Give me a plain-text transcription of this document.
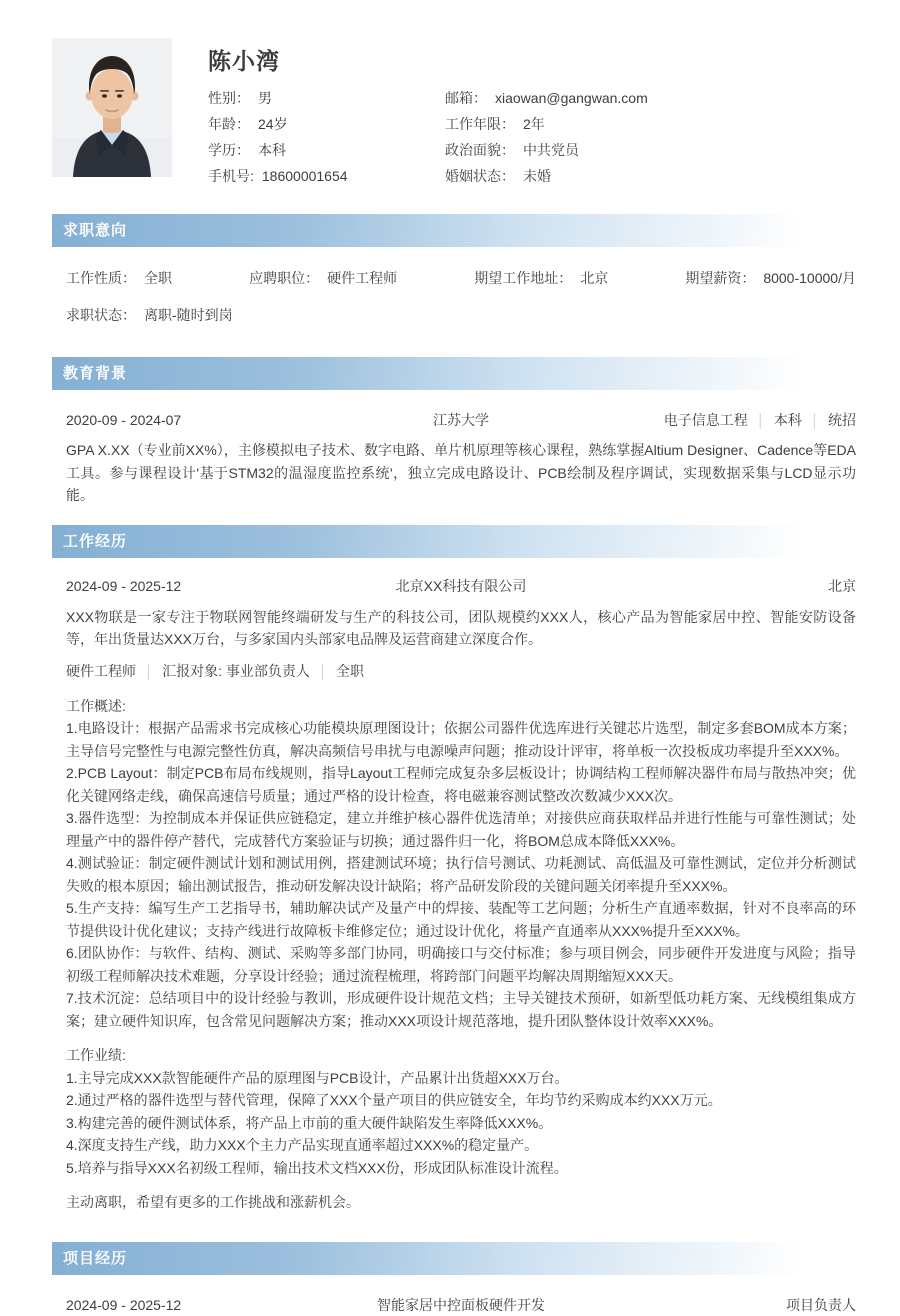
陈小湾
性别： 男	邮箱： xiaowan@gangwan.com
年龄： 24岁	工作年限： 2年
学历： 本科	政治面貌： 中共党员
手机号: 18600001654	婚姻状态： 未婚
求职意向
工作性质： 全职	应聘职位： 硬件工程师	期望工作地址： 北京	期望薪资： 8000-10000/月
求职状态： 离职-随时到岗
教育背景
2020-09 - 2024-07	江苏大学	电子信息工程 │ 本科 │ 统招
GPA X.XX（专业前XX%），主修模拟电子技术、数字电路、单片机原理等核心课程，熟练掌握Altium Designer、Cadence等EDA工具。参与课程设计'基于STM32的温湿度监控系统'，独立完成电路设计、PCB绘制及程序调试，实现数据采集与LCD显示功能。
工作经历
2024-09 - 2025-12	北京XX科技有限公司	北京
XXX物联是一家专注于物联网智能终端研发与生产的科技公司，团队规模约XXX人，核心产品为智能家居中控、智能安防设备等，年出货量达XXX万台，与多家国内头部家电品牌及运营商建立深度合作。
硬件工程师 │ 汇报对象: 事业部负责人 │ 全职
工作概述:
1.电路设计：根据产品需求书完成核心功能模块原理图设计；依据公司器件优选库进行关键芯片选型，制定多套BOM成本方案；主导信号完整性与电源完整性仿真，解决高频信号串扰与电源噪声问题；推动设计评审，将单板一次投板成功率提升至XXX%。
2.PCB Layout：制定PCB布局布线规则，指导Layout工程师完成复杂多层板设计；协调结构工程师解决器件布局与散热冲突；优化关键网络走线，确保高速信号质量；通过严格的设计检查，将电磁兼容测试整改次数减少XXX次。
3.器件选型：为控制成本并保证供应链稳定，建立并维护核心器件优选清单；对接供应商获取样品并进行性能与可靠性测试；处理量产中的器件停产替代，完成替代方案验证与切换；通过器件归一化，将BOM总成本降低XXX%。
4.测试验证：制定硬件测试计划和测试用例，搭建测试环境；执行信号测试、功耗测试、高低温及可靠性测试，定位并分析测试失败的根本原因；输出测试报告，推动研发解决设计缺陷；将产品研发阶段的关键问题关闭率提升至XXX%。
5.生产支持：编写生产工艺指导书，辅助解决试产及量产中的焊接、装配等工艺问题；分析生产直通率数据，针对不良率高的环节提供设计优化建议；支持产线进行故障板卡维修定位；通过设计优化，将量产直通率从XXX%提升至XXX%。
6.团队协作：与软件、结构、测试、采购等多部门协同，明确接口与交付标准；参与项目例会，同步硬件开发进度与风险；指导初级工程师解决技术难题，分享设计经验；通过流程梳理，将跨部门问题平均解决周期缩短XXX天。
7.技术沉淀：总结项目中的设计经验与教训，形成硬件设计规范文档；主导关键技术预研，如新型低功耗方案、无线模组集成方案；建立硬件知识库，包含常见问题解决方案；推动XXX项设计规范落地，提升团队整体设计效率XXX%。
工作业绩:
1.主导完成XXX款智能硬件产品的原理图与PCB设计，产品累计出货超XXX万台。
2.通过严格的器件选型与替代管理，保障了XXX个量产项目的供应链安全，年均节约采购成本约XXX万元。
3.构建完善的硬件测试体系，将产品上市前的重大硬件缺陷发生率降低XXX%。
4.深度支持生产线，助力XXX个主力产品实现直通率超过XXX%的稳定量产。
5.培养与指导XXX名初级工程师，输出技术文档XXX份，形成团队标准设计流程。
主动离职，希望有更多的工作挑战和涨薪机会。
项目经历
2024-09 - 2025-12	智能家居中控面板硬件开发	项目负责人
